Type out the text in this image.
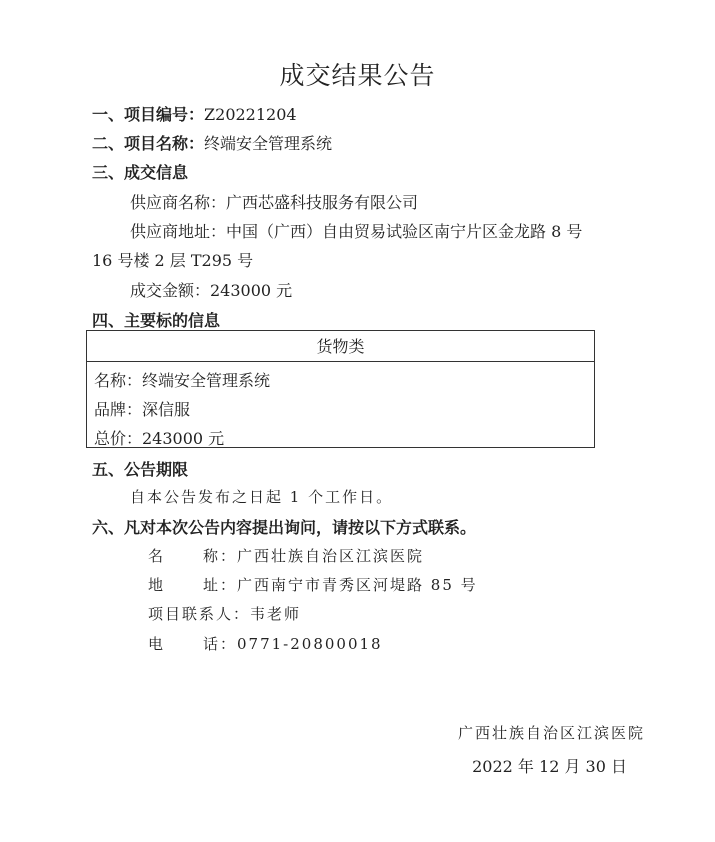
成交结果公告
一、项目编号：Z20221204
二、项目名称：终端安全管理系统
三、成交信息
供应商名称：广西芯盛科技服务有限公司
供应商地址：中国（广西）自由贸易试验区南宁片区金龙路 8 号
16 号楼 2 层 T295 号
成交金额：243000 元
四、主要标的信息
货物类
名称：终端安全管理系统
品牌：深信服
总价：243000 元
五、公告期限
自本公告发布之日起 1 个工作日。
六、凡对本次公告内容提出询问，请按以下方式联系。
名	称：广西壮族自治区江滨医院
地	址：广西南宁市青秀区河堤路 85 号
项目联系人：韦老师
电	话：0771-20800018
广西壮族自治区江滨医院
2022 年 12 月 30 日
